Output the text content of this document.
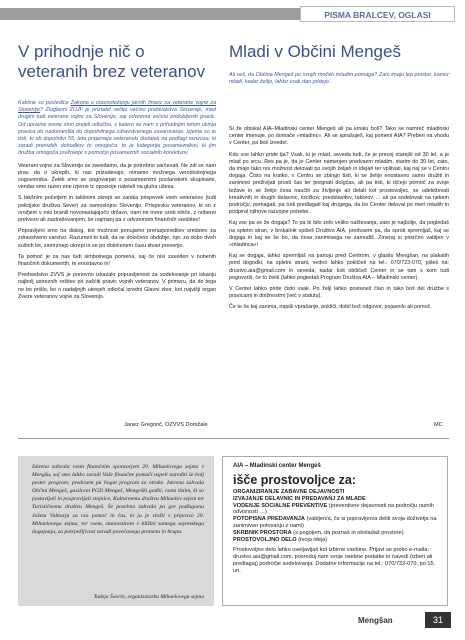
PISMA BRALCEV, OGLASI
V prihodnje nič o veteranih brez veteranov

Kakšne so posledice Zakona o uravnoteženju javnih financ za veterane vojne za Slovenijo? Zloglasni ZUJF je prizadel veliko večino prebivalstva Slovenije, med drugim tudi veterane vojne za Slovenijo, saj odvzema večino pridobljenih pravic. Od upravne enote smo prejeli odločbo, s katero se nam s prihodnjim letom ukinja pravica do nadomestila do dopolnilnega zdravstvenega zavarovanja. Izjeme so le tisti, ki ob dopolnitvi 55. leta prejemajo veteranski dodatek na podlagi cenzusa, ki zaradi prenizkih dohodkov to omogoča; to je kategorija posameznikov, ki jim družba omogoča preživetje s pomočjo posameznih socialnih korektivov.

Veterani vojne za Slovenijo se zavedamo, da je potrebno varčevati. Ne zdi se nam prav, da o ukrepih, ki nas prizadevajo, nimamo možnega verodostojnega sogovornika. Želeli smo se pogovarjati s posameznimi poslanskimi skupinami, vendar smo razen ene izjeme iz opozicije naleteli na gluha ušesa.

S takšnim početjem in takšnimi ukrepi se zanika prispevek vseh veteranov (tudi policijske društva Sever) za samostojno Slovenijo. Prispevka veteranov, ki so z orožjem v roki branili novonastajajočo državo, nam ne more vzeti nihče, z nobeno pretvezo ali zastrašovanjem, še najmanj pa z odvzemom finančnih sredstev!

Pripravljeni smo na dialog, kot možnost ponujamo prerazporeditev sredstev za zdravstveno varstvo. Razumeli bi tudi, da se določeno obdobje, npr. za dobo dveh sušnih let, zamrznejo ukrepi in se po določenem času stvari preverijo.

Ta pomoč je za nas tudi simbolnega pomena, saj če nisi zaveden v nobenih finančnih dokumentih, te enostavno ni!

Predsedstvo ZVVS je ponovno izkazalo pripravljenost za sodelovanje pri iskanju najbolj ustreznih rešitev pri zaščiti pravic vojnih veteranov. V primeru, da do tega ne bo prišlo, bo o nadaljnjih ukrepih odločal izredni Glavni zbor, kot najvišji organ Zveze veteranov vojne za Slovenijo.

Janez Gregorič, OZVVS Domžale
Mladi v Občini Mengeš
Ali veš, da Občina Mengeš po svojih močeh mladim pomaga? Zato imajo lep prostor, kamor mladi, kadar želijo, lahko vsak dan pridejo.

Si že obiskal AIA–Mladinski center Mengeš ali pa kmalu boš? Tako se namreč mladinski center imenuje, po domače »mladinc«. Ali se sprašuješ, kaj pomeni AIA? Preberi na vhodu v Center, pa boš izvedel.

Kdo vse lahko pride tja? Vsak, ki je mlad, seveda tudi, če je precej starejši od 30 let, a je mlad po srcu. Res pa je, da je Center namenjen predvsem mladim, starim do 30 let, zato, da imajo tako res možnost delovati po svojih željah in idejah ter vpliivati, kaj naj se v Centru dogaja. Čisto na kratko, v Centru se zbirajo tisti, ki se želijo enostavno samo družiti in zanimivo preživljati prosti čas ter pregnati dolgčas, ali pa tisti, ki iščejo pomoč za svoje težave in se želijo česa naučiti za življenje ali delati kot prostovoljec, se udeleževati kreativnih in drugih delavnic, krožkov, predstavitev, taborov … ali pa sodelovati na nekem področju, pomagati, pa tudi predlagati kaj drugega, da bo Center deloval po meri mladih in podpiral njihove razvojne potrebe.

Kaj vse pa se že dogaja? To pa bi bilo zelo veliko naštevanja, zato je najbolje, da pogledaš na spletni stran, v brskalnik vpišeš Društvo AIA, predvsem pa, da sproti spremljaš, kaj se dogaja in kaj se še bo, da česa zanimivega ne zamudiš. Zmeraj si prisrčno vabljen v »mladinca«!

Kaj se dogaja, lahko spremljaš na panoju pred Centrom, v glasilu Mengšan, na plakatih pred dogodki, na spletni strani, vedno lahko pokličeš na tel.: 070/723-070, pišeš na: drustvo.aia@gmail.com in seveda, kadar koli obiščeš Center in se tam s kom tudi pogovoriš, če to želiš (lahko pogledaš Program Društva AIA – Mladinski center).

V Center lahko pride čisto vsak. Po želji lahko postaneš član in tako boš del družbe s pravicami in dolžnostmi (več v statutu).

Če te še kaj zanima, napiši vprašanje, pokliči, dobil boš odgovor, pojasnilo ali pomoč.

MC
Iskrena zahvala vsem finančnim sponzorjem 20. Mihaelovega sejma v Mengšu, saj smo lahko zaradi Vaše finančne pomoči uspeli narediti še bolj pester program, predvsem pa bogat program za otroke. Iskrena zahvala Občini Mengeš, gasilcem PGD Mengeš, Mengeški godbi, vsem tistim, ki so postavljali in pospravljali stojnice, Kulturnemu društvu Mihaelov sejem ter Turističnemu društvu Mengeš. Še posebna zahvala pa gre podžupanu Jožetu Vahtarju za vso pomoč in čas, ki ju je vložil v pripravo 20. Mihaelovega sejma, ter vsem, stanovalcem v bližini samega sejemskega dogajanja, za potrpežljivost zaradi povečanega prometa in hrupa.
Tadeja Šavrin, organizatorka Mihaelovega sejma
AIA – Mladinski center Mengeš
išče prostovoljce za:
ORGANIZIRANJE ZABAVNE DEJAVNOSTI
IZVAJANJE DELAVNIC IN PREDAVANJ ZA MLADE
VODENJE SOCIALNE PREVENTIVE (preventivne dejavnosti na področju raznih odvisnosti …)
POTOPISNA PREDAVANJA (vabljen/a, če si popravljen/a deliti svoja doživetja na zanimiven potovanju z nami)
SKRBNIK PROSTORA (s pogojem, da poznaš in obvladaš prostore)
PROSTOVOLJNO DELO (tvoja ideja)
Prostovoljno delo lahko uveljavljaš kot izbirne vsebine. Prijavi se preko e-maila: drustvo.aia@gmail.com, posreduj nam svoje osebne podatke in navedi (izberi ali predlagaj) področje sodelovanja. Dodatne informacije na tel.: 070/732-070, po 15. uri.
Mengšan	31
